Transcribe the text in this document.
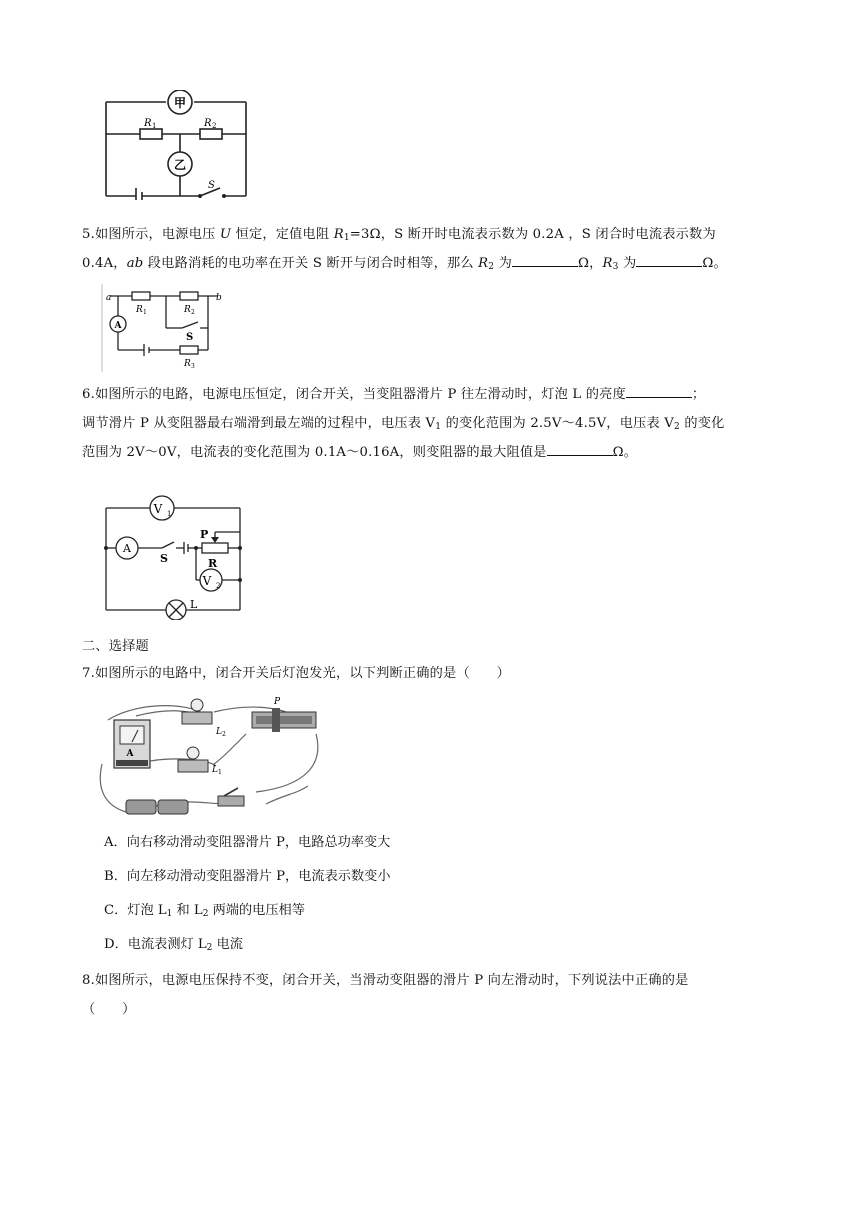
甲
乙
R 1	R 2
S
5.如图所示，电源电压 U 恒定，定值电阻 $R_1=3\Omega$，S 断开时电流表示数为 0.2A ，S 闭合时电流表示数为
0.4A，ab 段电路消耗的电功率在开关 S 断开与闭合时相等，那么 $R_2$ 为	Ω，$R_3$ 为	Ω。
A
a	b
R 1	R 2
S
R 3
6.如图所示的电路，电源电压恒定，闭合开关，当变阻器滑片 P 往左滑动时，灯泡 L 的亮度	；
调节滑片 P 从变阻器最右端滑到最左端的过程中，电压表 $V_1$ 的变化范围为 2.5V～4.5V，电压表 $V_2$ 的变化
范围为 2V～0V，电流表的变化范围为 0.1A～0.16A，则变阻器的最大阻值是	Ω。
V 1
A
V 2
P
R
S
L
二、选择题
7.如图所示的电路中，闭合开关后灯泡发光，以下判断正确的是（　　）
A
L 2
L 1
P
A．向右移动滑动变阻器滑片 P，电路总功率变大
B．向左移动滑动变阻器滑片 P，电流表示数变小
C．灯泡 $L_1$ 和 $L_2$ 两端的电压相等
D．电流表测灯 $L_2$ 电流
8.如图所示，电源电压保持不变，闭合开关，当滑动变阻器的滑片 P 向左滑动时，下列说法中正确的是
（　　）
